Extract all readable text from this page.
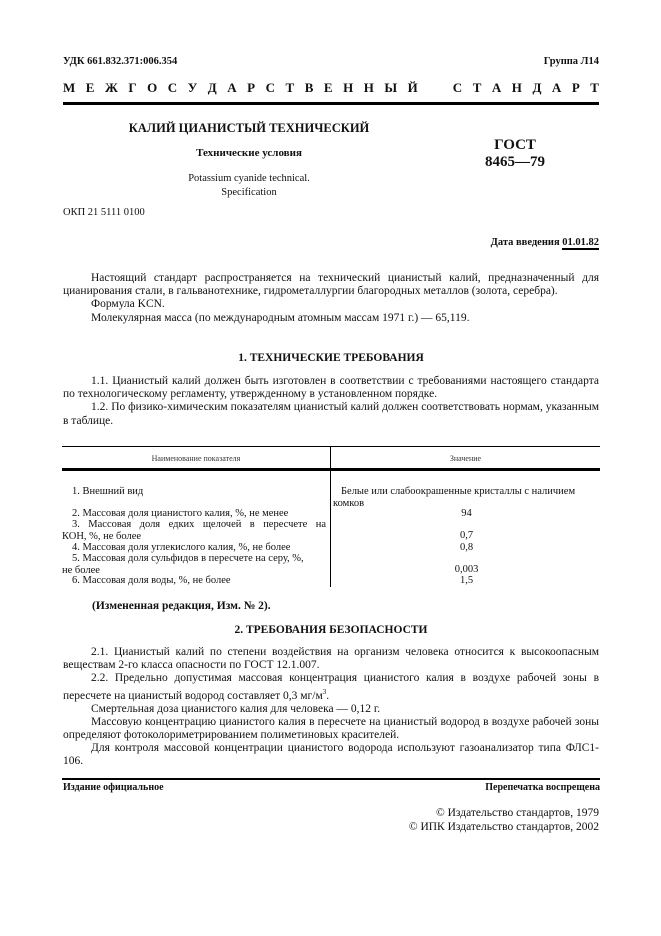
УДК 661.832.371:006.354	Группа Л14
М Е Ж Г О С У Д А Р С Т В Е Н Н Ы Й	С Т А Н Д А Р Т
КАЛИЙ ЦИАНИСТЫЙ ТЕХНИЧЕСКИЙ
Технические условия
Potassium cyanide technical.
Specification
ГОСТ
8465—79
ОКП 21 5111 0100
Дата введения 01.01.82

Настоящий стандарт распространяется на технический цианистый калий, предназначенный для цианирования стали, в гальванотехнике, гидрометаллургии благородных металлов (золота, серебра).

Формула KCN.

Молекулярная масса (по международным атомным массам 1971 г.) — 65,119.

1. ТЕХНИЧЕСКИЕ ТРЕБОВАНИЯ

1.1. Цианистый калий должен быть изготовлен в соответствии с требованиями настоящего стандарта по технологическому регламенту, утвержденному в установленном порядке.

1.2. По физико-химическим показателям цианистый калий должен соответствовать нормам, указанным в таблице.

Наименование показателя	Значение
1. Внешний вид	Белые или слабоокрашенные кристаллы с наличием комков
2. Массовая доля цианистого калия, %, не менее	94
3. Массовая доля едких щелочей в пересчете на
КОН, %, не более	0,7
4. Массовая доля углекислого калия, %, не более	0,8
5. Массовая доля сульфидов в пересчете на серу, %,
не более	0,003
6. Массовая доля воды, %, не более	1,5
(Измененная редакция, Изм. № 2).
2. ТРЕБОВАНИЯ БЕЗОПАСНОСТИ

2.1. Цианистый калий по степени воздействия на организм человека относится к высокоопасным веществам 2-го класса опасности по ГОСТ 12.1.007.

2.2. Предельно допустимая массовая концентрация цианистого калия в воздухе рабочей зоны в пересчете на цианистый водород составляет 0,3 $мг/м^3$.

Смертельная доза цианистого калия для человека — 0,12 г.

Массовую концентрацию цианистого калия в пересчете на цианистый водород в воздухе рабочей зоны определяют фотоколориметрированием полиметиновых красителей.

Для контроля массовой концентрации цианистого водорода используют газоанализатор типа ФЛС1-106.

Издание официальное	Перепечатка воспрещена
© Издательство стандартов, 1979
© ИПК Издательство стандартов, 2002
